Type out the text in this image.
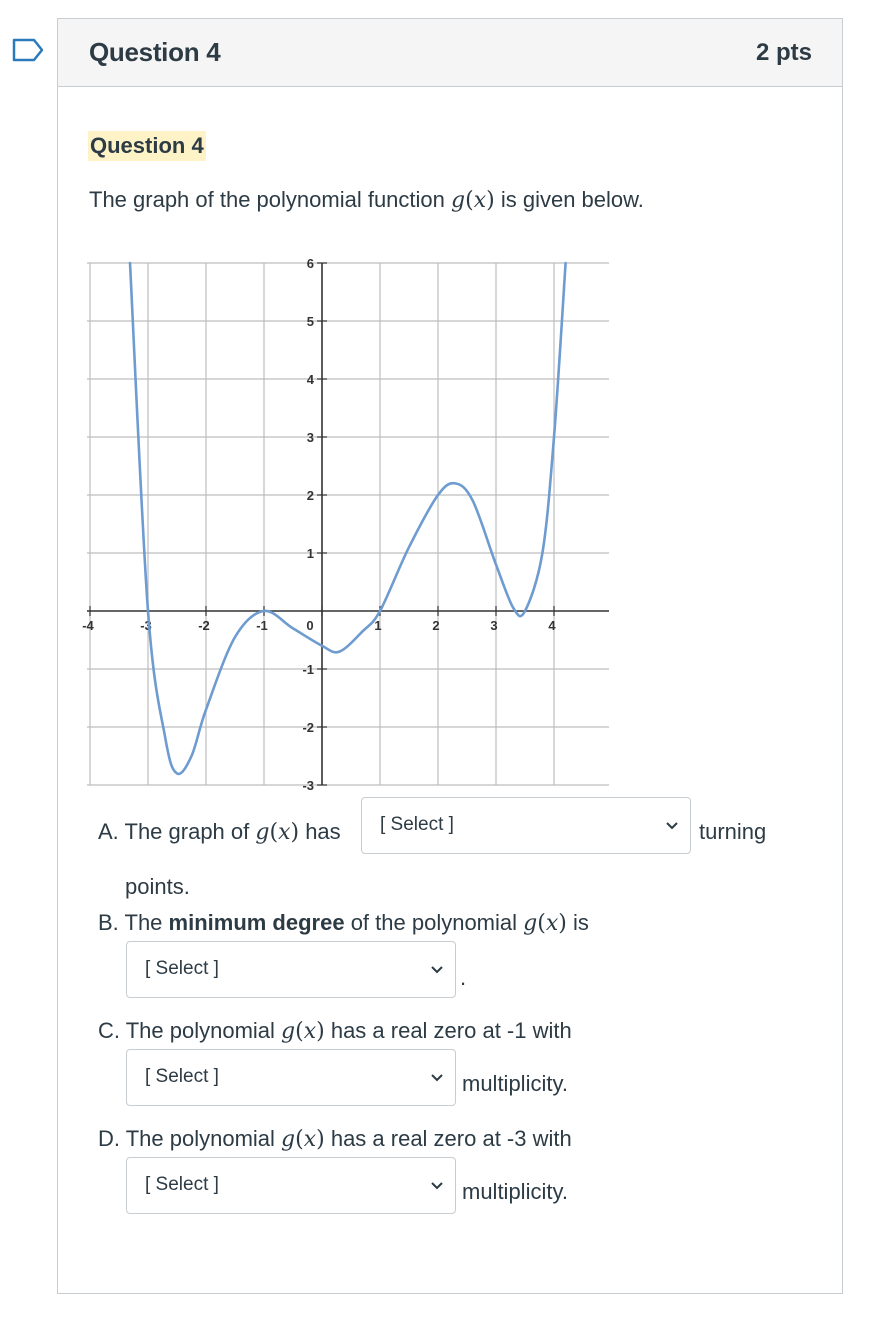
Question 4	2 pts
Question 4
The graph of the polynomial function g(x) is given below.
-4	-3	-2	-1	0	1	2	3	4
6
5
4
3
2
1
-1
-2
-3
A. The graph of g(x) has [ Select ]	turning
points.
B. The minimum degree of the polynomial g(x) is
[ Select ]	.
C. The polynomial g(x) has a real zero at -1 with
[ Select ]	multiplicity.
D. The polynomial g(x) has a real zero at -3 with
[ Select ]	multiplicity.
